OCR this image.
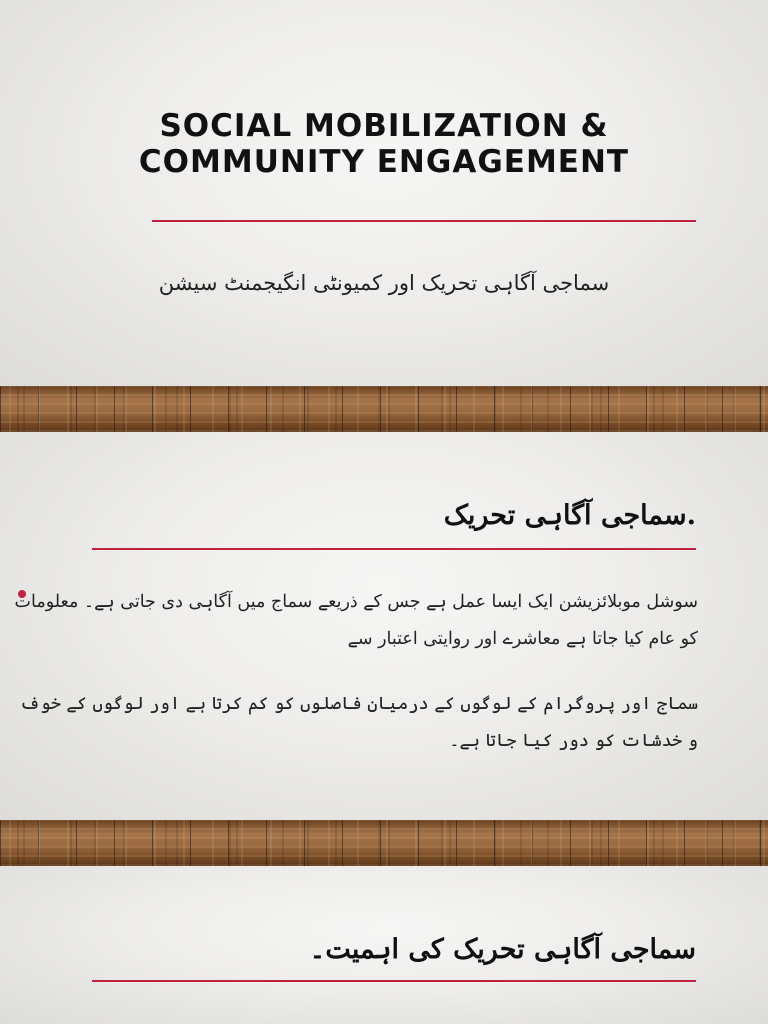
SOCIAL MOBILIZATION &
COMMUNITY ENGAGEMENT

سماجی آگاہی تحریک اور کمیونٹی انگیجمنٹ سیشن

.سماجی آگاہی تحریک

سوشل موبلائزیشن ایک ایسا عمل ہے جس کے ذریعے سماج میں آگاہی دی جاتی ہے۔ معلومات کو عام کیا جاتا ہے معاشرے اور روایتی اعتبار سے

سماج اور پروگرام کے لوگوں کے درمیان فاصلوں کو کم کرتا ہے اور لوگوں کے خوف و خدشات کو دور کیا جاتا ہے۔

سماجی آگاہی تحریک کی اہمیت۔
